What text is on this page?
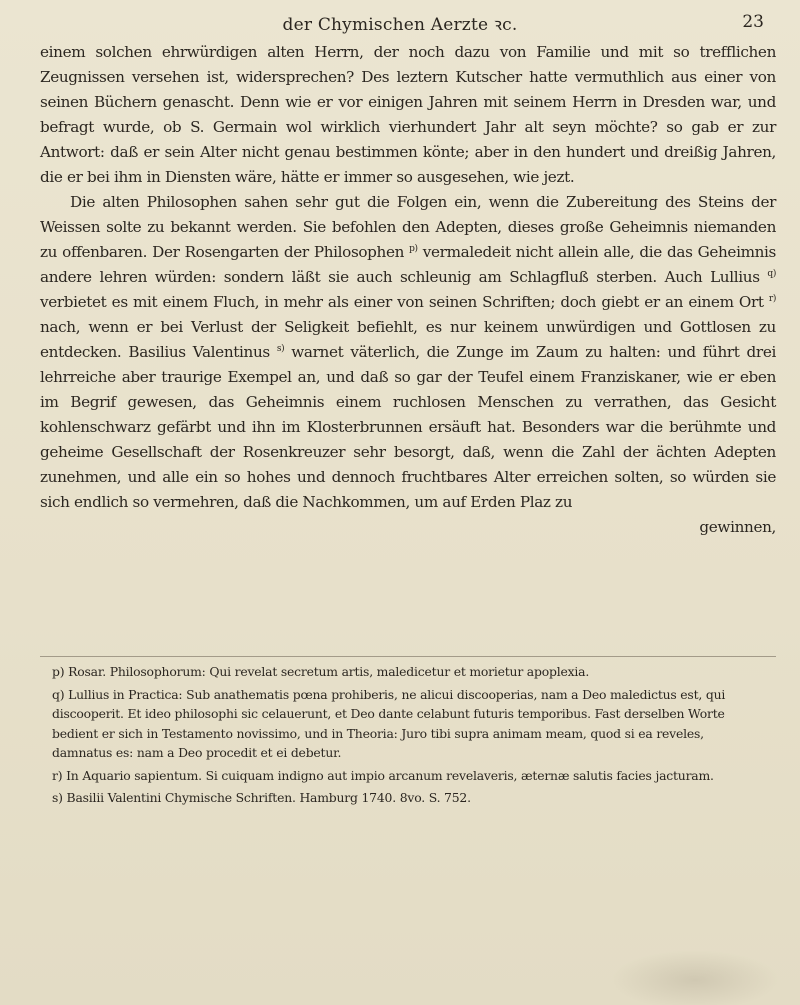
der Chymischen Aerzte ꝛc.	23

einem solchen ehrwürdigen alten Herrn, der noch dazu von Familie und mit so trefflichen Zeugnissen versehen ist, widersprechen? Des leztern Kutscher hatte vermuthlich aus einer von seinen Büchern genascht. Denn wie er vor einigen Jahren mit seinem Herrn in Dresden war, und befragt wurde, ob S. Germain wol wirklich vierhundert Jahr alt seyn möchte? so gab er zur Antwort: daß er sein Alter nicht genau bestimmen könte; aber in den hundert und dreißig Jahren, die er bei ihm in Diensten wäre, hätte er immer so ausgesehen, wie jezt.

Die alten Philosophen sahen sehr gut die Folgen ein, wenn die Zubereitung des Steins der Weissen solte zu bekannt werden. Sie befohlen den Adepten, dieses große Geheimnis niemanden zu offenbaren. Der Rosengarten der Philosophen $^{p)}$ vermaledeit nicht allein alle, die das Geheimnis andere lehren würden: sondern läßt sie auch schleunig am Schlagfluß sterben. Auch Lullius $^{q)}$ verbietet es mit einem Fluch, in mehr als einer von seinen Schriften; doch giebt er an einem Ort $^{r)}$ nach, wenn er bei Verlust der Seligkeit befiehlt, es nur keinem unwürdigen und Gottlosen zu entdecken. Basilius Valentinus $^{s)}$ warnet väterlich, die Zunge im Zaum zu halten: und führt drei lehrreiche aber traurige Exempel an, und daß so gar der Teufel einem Franziskaner, wie er eben im Begrif gewesen, das Geheimnis einem ruchlosen Menschen zu verrathen, das Gesicht kohlenschwarz gefärbt und ihn im Klosterbrunnen ersäuft hat. Besonders war die berühmte und geheime Gesellschaft der Rosenkreuzer sehr besorgt, daß, wenn die Zahl der ächten Adepten zunehmen, und alle ein so hohes und dennoch fruchtbares Alter erreichen solten, so würden sie sich endlich so vermehren, daß die Nachkommen, um auf Erden Plaz zu

gewinnen,

p) Rosar. Philosophorum: Qui revelat secretum artis, maledicetur et morietur apoplexia.

q) Lullius in Practica: Sub anathematis pœna prohiberis, ne alicui discooperias, nam a Deo maledictus est, qui discooperit. Et ideo philosophi sic celauerunt, et Deo dante celabunt futuris temporibus. Fast derselben Worte bedient er sich in Testamento novissimo, und in Theoria: Juro tibi supra animam meam, quod si ea reveles, damnatus es: nam a Deo procedit et ei debetur.

r) In Aquario sapientum. Si cuiquam indigno aut impio arcanum revelaveris, æternæ salutis facies jacturam.

s) Basilii Valentini Chymische Schriften. Hamburg 1740. 8vo. S. 752.
